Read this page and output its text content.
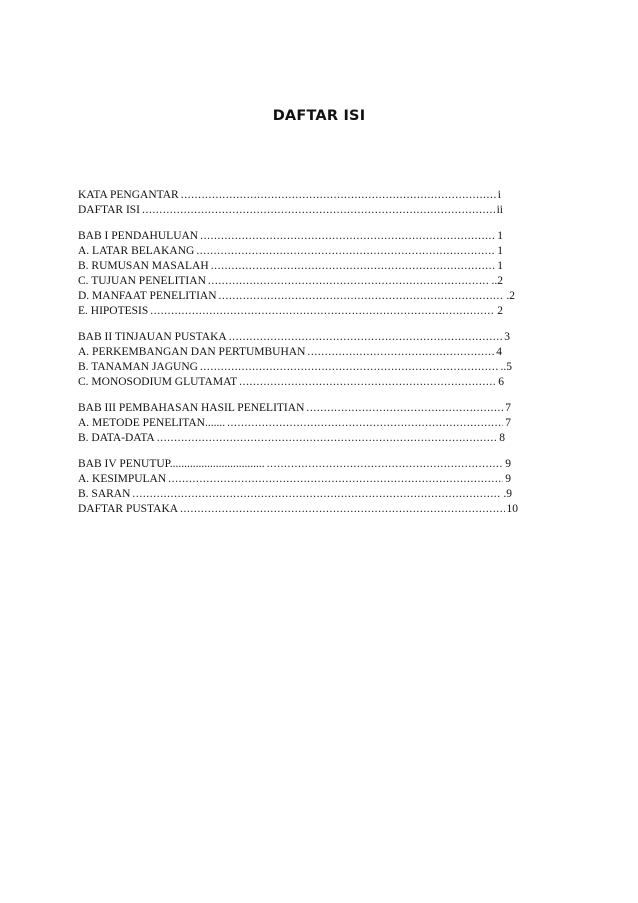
DAFTAR ISI
KATA PENGANTAR .....	i
DAFTAR ISI .....	ii
BAB I PENDAHULUAN .....	1
A. LATAR BELAKANG .....	1
B. RUMUSAN MASALAH .....	1
C. TUJUAN PENELITIAN .....	..2
D. MANFAAT PENELITIAN .....	.2
E. HIPOTESIS .....	2
BAB II TINJAUAN PUSTAKA .....	3
A. PERKEMBANGAN DAN PERTUMBUHAN .....	4
B. TANAMAN JAGUNG .....	..5
C. MONOSODIUM GLUTAMAT .....	6
BAB III PEMBAHASAN HASIL PENELITIAN .....	7
A. METODE PENELITAN....... .....	7
B. DATA-DATA .....	8
BAB IV PENUTUP................................. .....	9
A. KESIMPULAN .....	9
B. SARAN .....	.9
DAFTAR PUSTAKA .....	10
